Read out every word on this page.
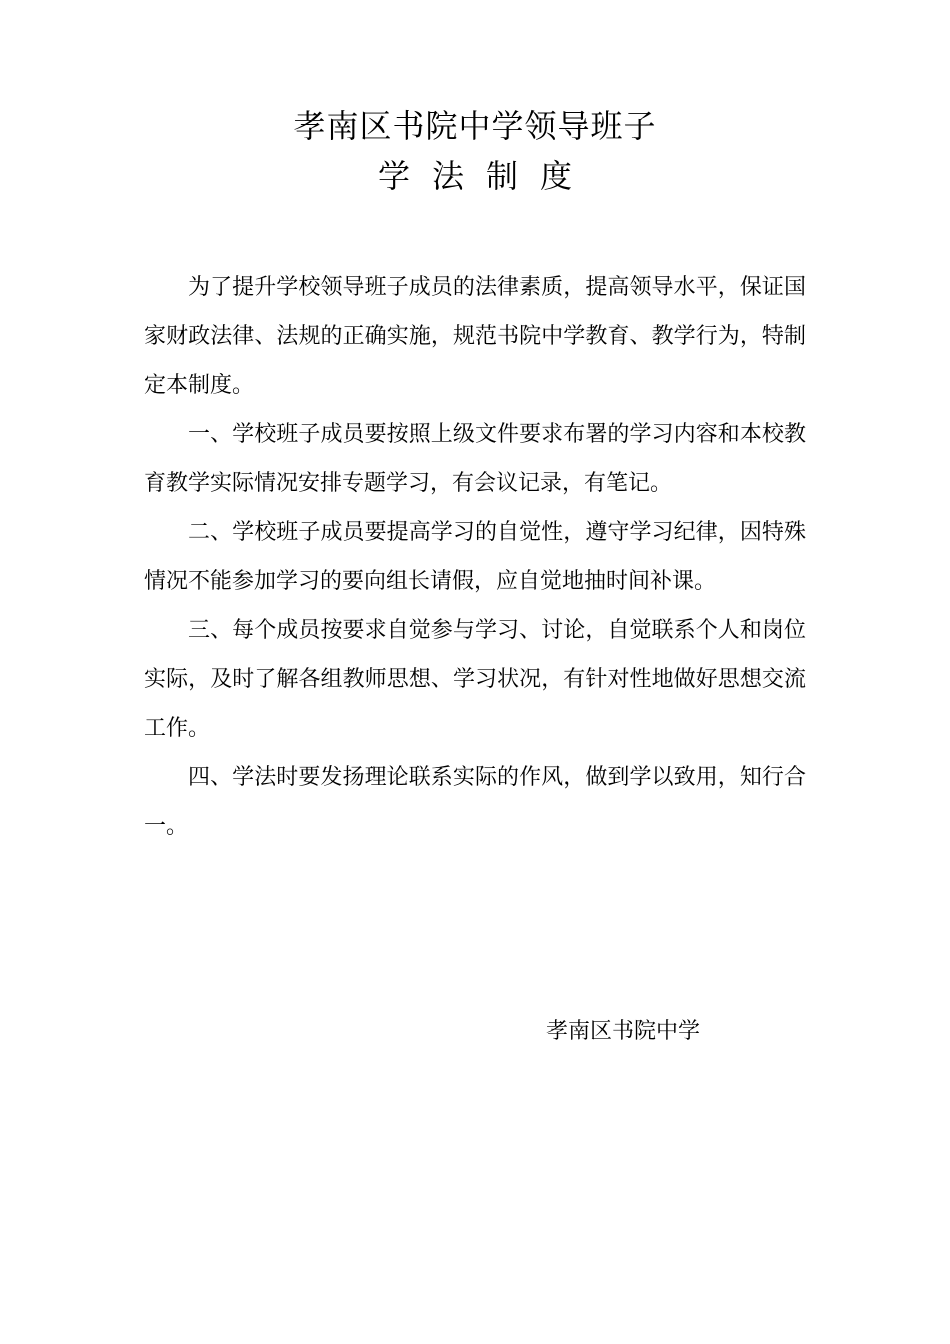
孝南区书院中学领导班子
学法制度

为了提升学校领导班子成员的法律素质，提高领导水平，保证国家财政法律、法规的正确实施，规范书院中学教育、教学行为，特制定本制度。

一、学校班子成员要按照上级文件要求布署的学习内容和本校教育教学实际情况安排专题学习，有会议记录，有笔记。

二、学校班子成员要提高学习的自觉性，遵守学习纪律，因特殊情况不能参加学习的要向组长请假，应自觉地抽时间补课。

三、每个成员按要求自觉参与学习、讨论，自觉联系个人和岗位实际，及时了解各组教师思想、学习状况，有针对性地做好思想交流工作。

四、学法时要发扬理论联系实际的作风，做到学以致用，知行合一。

孝南区书院中学
